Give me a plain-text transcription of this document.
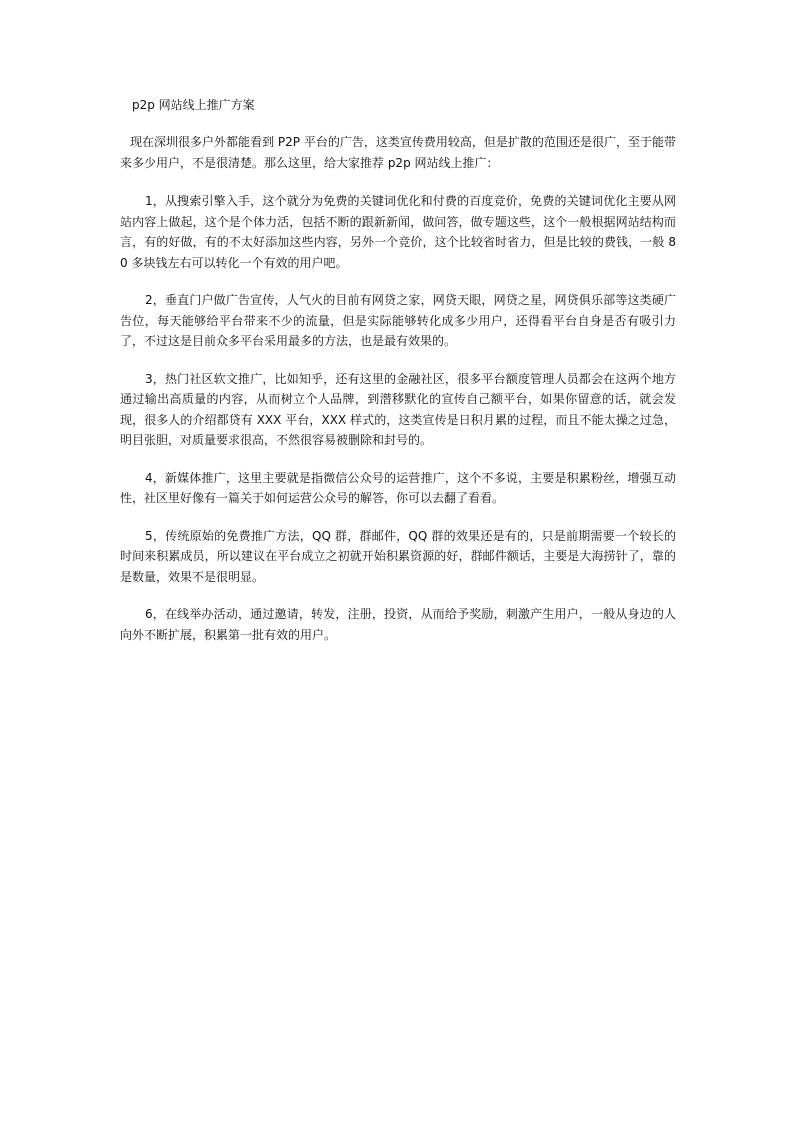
p2p 网站线上推广方案

现在深圳很多户外都能看到 P2P 平台的广告，这类宣传费用较高，但是扩散的范围还是很广，至于能带来多少用户，不是很清楚。那么这里，给大家推荐 p2p 网站线上推广：

1，从搜索引擎入手，这个就分为免费的关键词优化和付费的百度竞价，免费的关键词优化主要从网站内容上做起，这个是个体力活，包括不断的跟新新闻，做问答，做专题这些，这个一般根据网站结构而言，有的好做，有的不太好添加这些内容，另外一个竞价，这个比较省时省力，但是比较的费钱，一般 80 多块钱左右可以转化一个有效的用户吧。

2，垂直门户做广告宣传，人气火的目前有网贷之家，网贷天眼，网贷之星，网贷俱乐部等这类硬广告位，每天能够给平台带来不少的流量，但是实际能够转化成多少用户，还得看平台自身是否有吸引力了，不过这是目前众多平台采用最多的方法，也是最有效果的。

3，热门社区软文推广，比如知乎，还有这里的金融社区，很多平台额度管理人员都会在这两个地方通过输出高质量的内容，从而树立个人品牌，到潜移默化的宣传自己额平台，如果你留意的话，就会发现，很多人的介绍都贷有 XXX 平台，XXX 样式的，这类宣传是日积月累的过程，而且不能太操之过急，明目张胆，对质量要求很高，不然很容易被删除和封号的。

4，新媒体推广，这里主要就是指微信公众号的运营推广，这个不多说，主要是积累粉丝，增强互动性，社区里好像有一篇关于如何运营公众号的解答，你可以去翻了看看。

5，传统原始的免费推广方法，QQ 群，群邮件，QQ 群的效果还是有的，只是前期需要一个较长的时间来积累成员，所以建议在平台成立之初就开始积累资源的好，群邮件额话，主要是大海捞针了，靠的是数量，效果不是很明显。

6，在线举办活动，通过邀请，转发，注册，投资，从而给予奖励，刺激产生用户，一般从身边的人向外不断扩展，积累第一批有效的用户。
